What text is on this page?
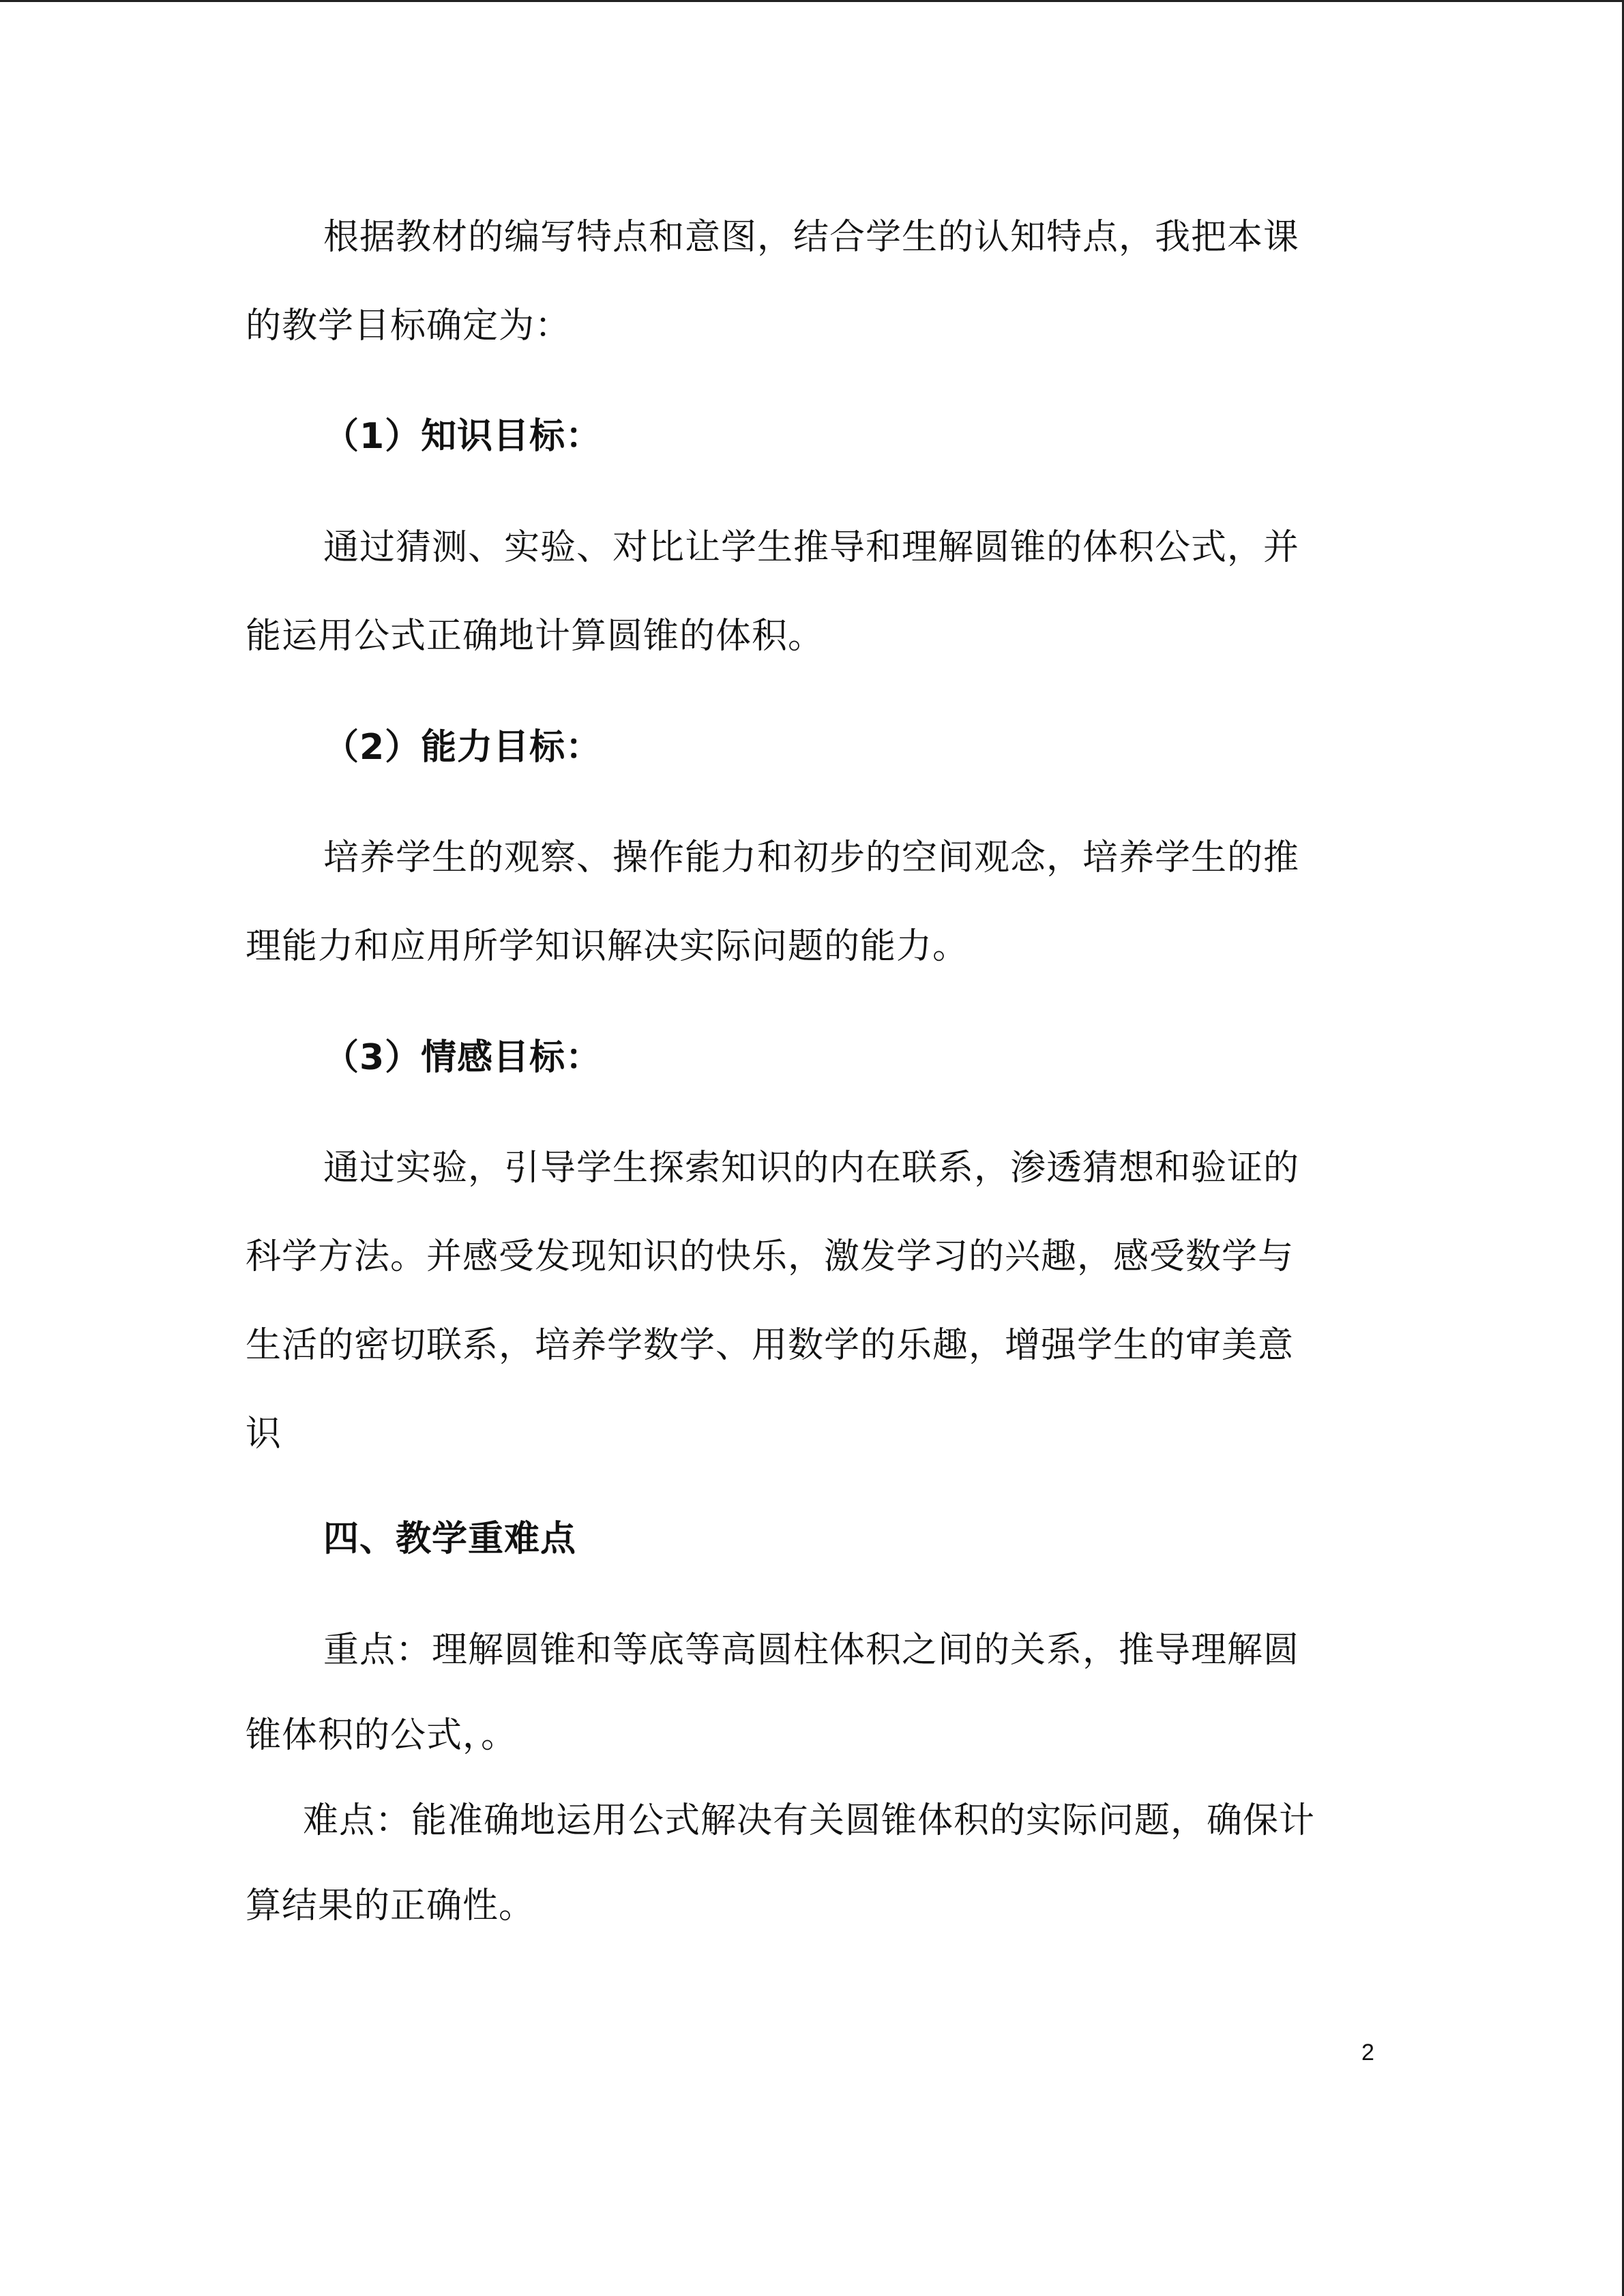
根据教材的编写特点和意图，结合学生的认知特点，我把本课
的教学目标确定为：
（1）知识目标：
通过猜测、实验、对比让学生推导和理解圆锥的体积公式，并
能运用公式正确地计算圆锥的体积。
（2）能力目标：
培养学生的观察、操作能力和初步的空间观念，培养学生的推
理能力和应用所学知识解决实际问题的能力。
（3）情感目标：
通过实验，引导学生探索知识的内在联系，渗透猜想和验证的
科学方法。并感受发现知识的快乐，激发学习的兴趣，感受数学与
生活的密切联系，培养学数学、用数学的乐趣，增强学生的审美意
识
四、教学重难点
重点：理解圆锥和等底等高圆柱体积之间的关系，推导理解圆
锥体积的公式，。
难点：能准确地运用公式解决有关圆锥体积的实际问题，确保计
算结果的正确性。
2
